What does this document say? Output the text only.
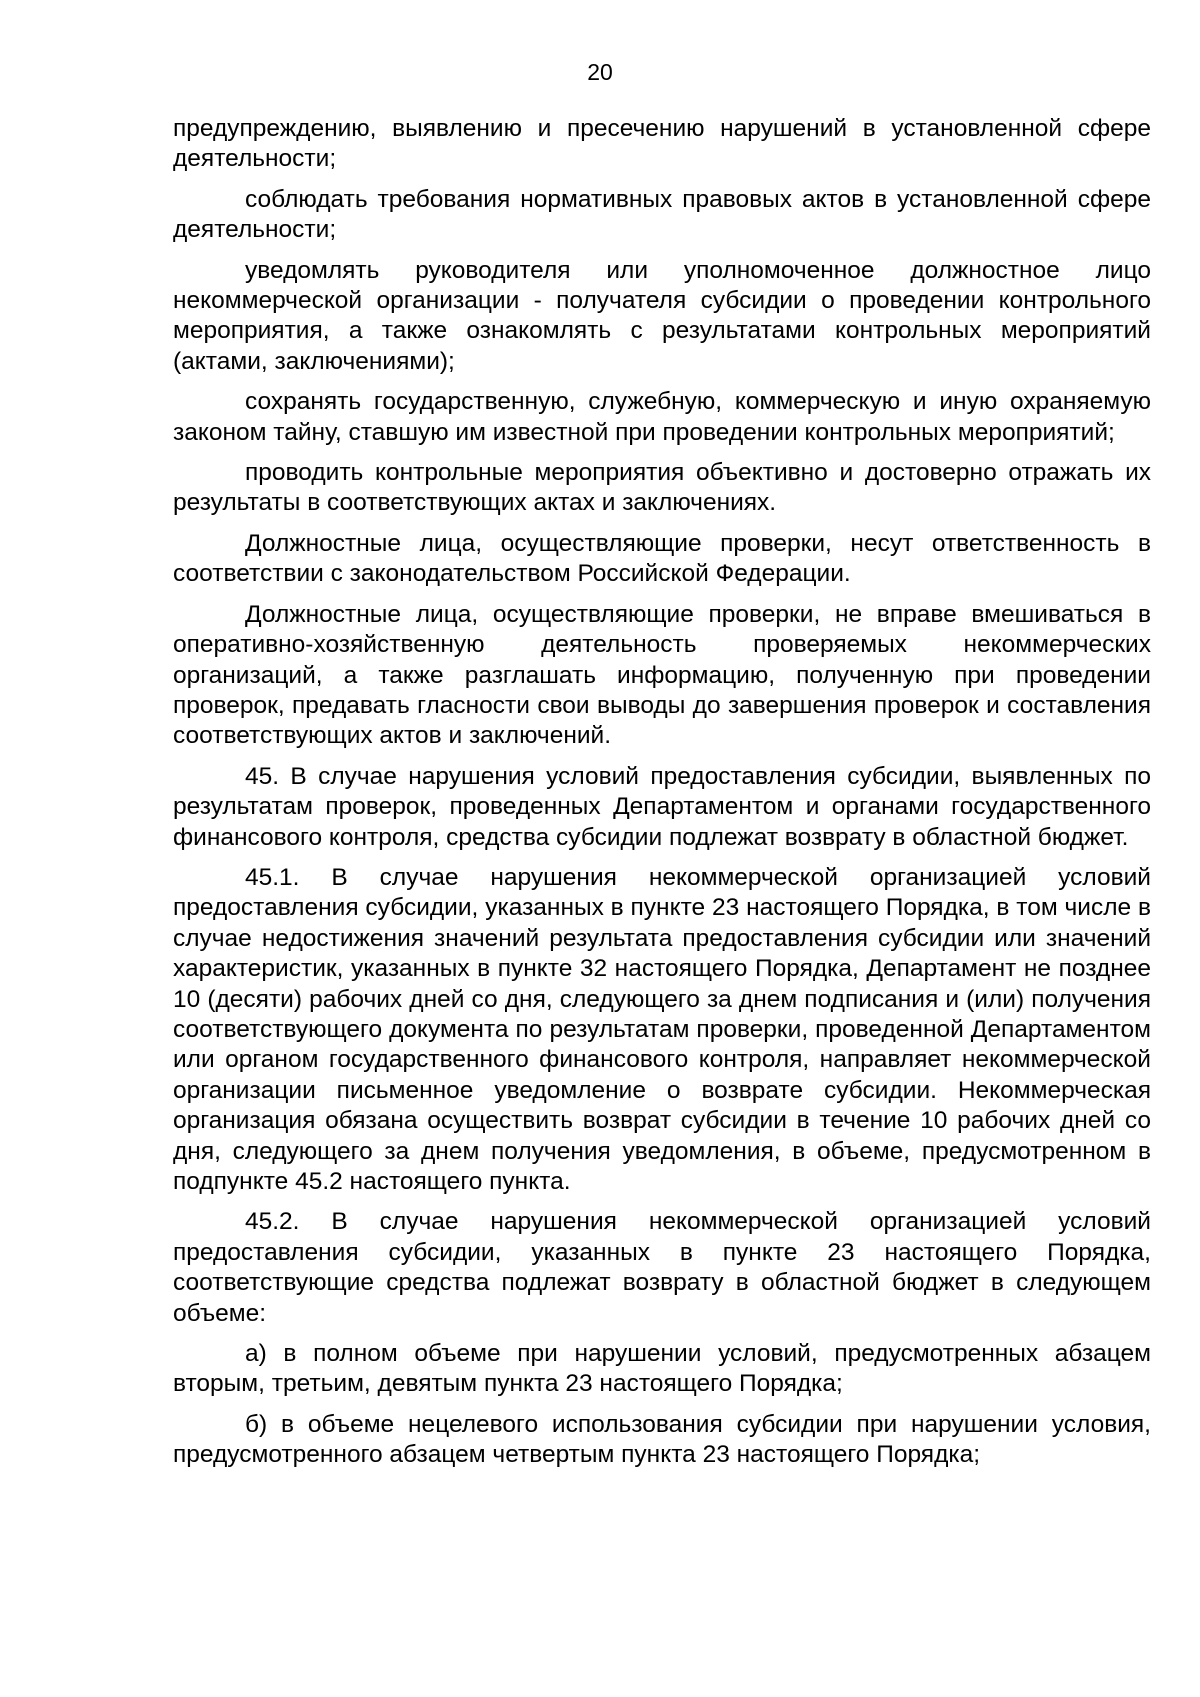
20

предупреждению, выявлению и пресечению нарушений в установленной сфере деятельности;

соблюдать требования нормативных правовых актов в установленной сфере деятельности;

уведомлять руководителя или уполномоченное должностное лицо некоммерческой организации - получателя субсидии о проведении контрольного мероприятия, а также ознакомлять с результатами контрольных мероприятий (актами, заключениями);

сохранять государственную, служебную, коммерческую и иную охраняемую законом тайну, ставшую им известной при проведении контрольных мероприятий;

проводить контрольные мероприятия объективно и достоверно отражать их результаты в соответствующих актах и заключениях.

Должностные лица, осуществляющие проверки, несут ответственность в соответствии с законодательством Российской Федерации.

Должностные лица, осуществляющие проверки, не вправе вмешиваться в оперативно-хозяйственную деятельность проверяемых некоммерческих организаций, а также разглашать информацию, полученную при проведении проверок, предавать гласности свои выводы до завершения проверок и составления соответствующих актов и заключений.

45. В случае нарушения условий предоставления субсидии, выявленных по результатам проверок, проведенных Департаментом и органами государственного финансового контроля, средства субсидии подлежат возврату в областной бюджет.

45.1. В случае нарушения некоммерческой организацией условий предоставления субсидии, указанных в пункте 23 настоящего Порядка, в том числе в случае недостижения значений результата предоставления субсидии или значений характеристик, указанных в пункте 32 настоящего Порядка, Департамент не позднее 10 (десяти) рабочих дней со дня, следующего за днем подписания и (или) получения соответствующего документа по результатам проверки, проведенной Департаментом или органом государственного финансового контроля, направляет некоммерческой организации письменное уведомление о возврате субсидии. Некоммерческая организация обязана осуществить возврат субсидии в течение 10 рабочих дней со дня, следующего за днем получения уведомления, в объеме, предусмотренном в подпункте 45.2 настоящего пункта.

45.2. В случае нарушения некоммерческой организацией условий предоставления субсидии, указанных в пункте 23 настоящего Порядка, соответствующие средства подлежат возврату в областной бюджет в следующем объеме:

а) в полном объеме при нарушении условий, предусмотренных абзацем вторым, третьим, девятым пункта 23 настоящего Порядка;

б) в объеме нецелевого использования субсидии при нарушении условия, предусмотренного абзацем четвертым пункта 23 настоящего Порядка;
